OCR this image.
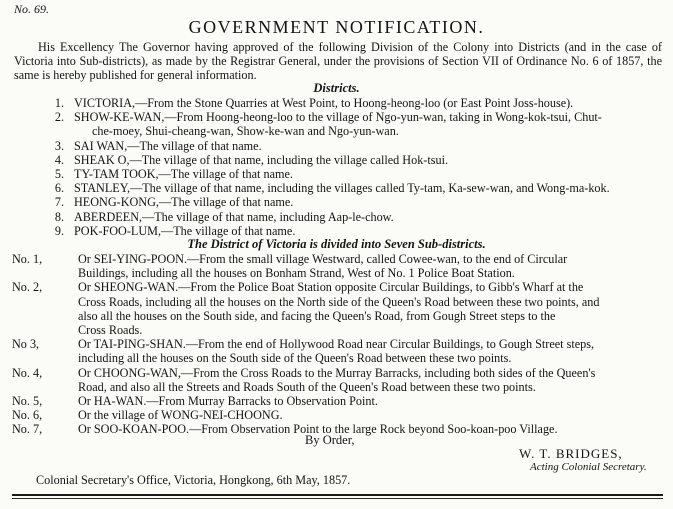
No. 69.
GOVERNMENT NOTIFICATION.
His Excellency The Governor having approved of the following Division of the Colony into Districts (and in the case of Victoria into Sub-districts), as made by the Registrar General, under the provisions of Section VII of Ordinance No. 6 of 1857, the same is hereby published for general information.
Districts.
1. VICTORIA,—From the Stone Quarries at West Point, to Hoong-heong-loo (or East Point Joss-house).
2. SHOW-KE-WAN,—From Hoong-heong-loo to the village of Ngo-yun-wan, taking in Wong-kok-tsui, Chut-
che-moey, Shui-cheang-wan, Show-ke-wan and Ngo-yun-wan.
3. SAI WAN,—The village of that name.
4. SHEAK O,—The village of that name, including the village called Hok-tsui.
5. TY-TAM TOOK,—The village of that name.
6. STANLEY,—The village of that name, including the villages called Ty-tam, Ka-sew-wan, and Wong-ma-kok.
7. HEONG-KONG,—The village of that name.
8. ABERDEEN,—The village of that name, including Aap-le-chow.
9. POK-FOO-LUM,—The village of that name.
The District of Victoria is divided into Seven Sub-districts.
No. 1,	Or SEI-YING-POON.—From the small village Westward, called Cowee-wan, to the end of Circular
Buildings, including all the houses on Bonham Strand, West of No. 1 Police Boat Station.
No. 2,	Or SHEONG-WAN.—From the Police Boat Station opposite Circular Buildings, to Gibb's Wharf at the
Cross Roads, including all the houses on the North side of the Queen's Road between these two points, and
also all the houses on the South side, and facing the Queen's Road, from Gough Street steps to the
Cross Roads.
No 3,	Or TAI-PING-SHAN.—From the end of Hollywood Road near Circular Buildings, to Gough Street steps,
including all the houses on the South side of the Queen's Road between these two points.
No. 4,	Or CHOONG-WAN,—From the Cross Roads to the Murray Barracks, including both sides of the Queen's
Road, and also all the Streets and Roads South of the Queen's Road between these two points.
No. 5,	Or HA-WAN.—From Murray Barracks to Observation Point.
No. 6,	Or the village of WONG-NEI-CHOONG.
No. 7,	Or SOO-KOAN-POO.—From Observation Point to the large Rock beyond Soo-koan-poo Village.
By Order,
W. T. BRIDGES,
Acting Colonial Secretary.
Colonial Secretary's Office, Victoria, Hongkong, 6th May, 1857.
